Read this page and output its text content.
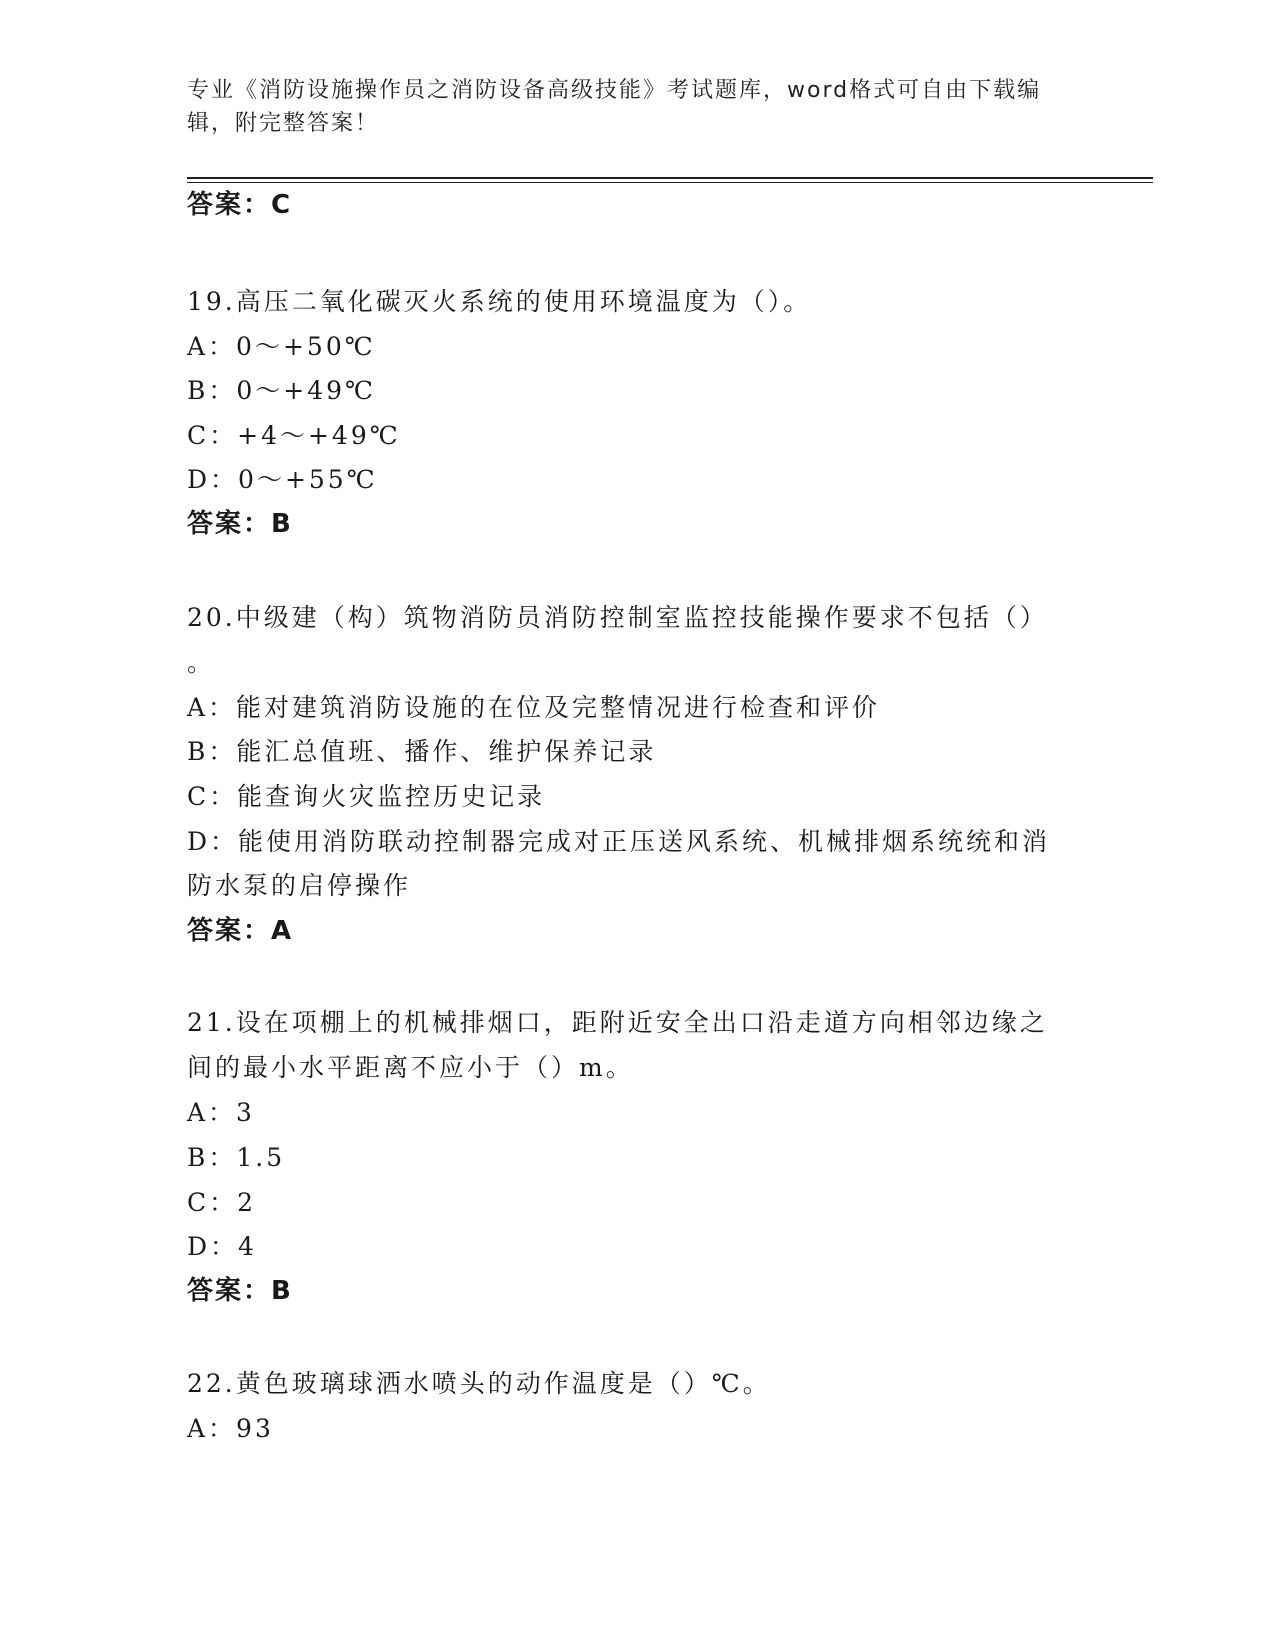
专业《消防设施操作员之消防设备高级技能》考试题库，word格式可自由下载编
辑，附完整答案！
答案：C
19.高压二氧化碳灭火系统的使用环境温度为（）。
A：0～+50℃
B：0～+49℃
C：+4～+49℃
D：0～+55℃
答案：B
20.中级建（构）筑物消防员消防控制室监控技能操作要求不包括（）
。
A：能对建筑消防设施的在位及完整情况进行检查和评价
B：能汇总值班、播作、维护保养记录
C：能查询火灾监控历史记录
D：能使用消防联动控制器完成对正压送风系统、机械排烟系统统和消
防水泵的启停操作
答案：A
21.设在项棚上的机械排烟口，距附近安全出口沿走道方向相邻边缘之
间的最小水平距离不应小于（）m。
A：3
B：1.5
C：2
D：4
答案：B
22.黄色玻璃球洒水喷头的动作温度是（）℃。
A：93
